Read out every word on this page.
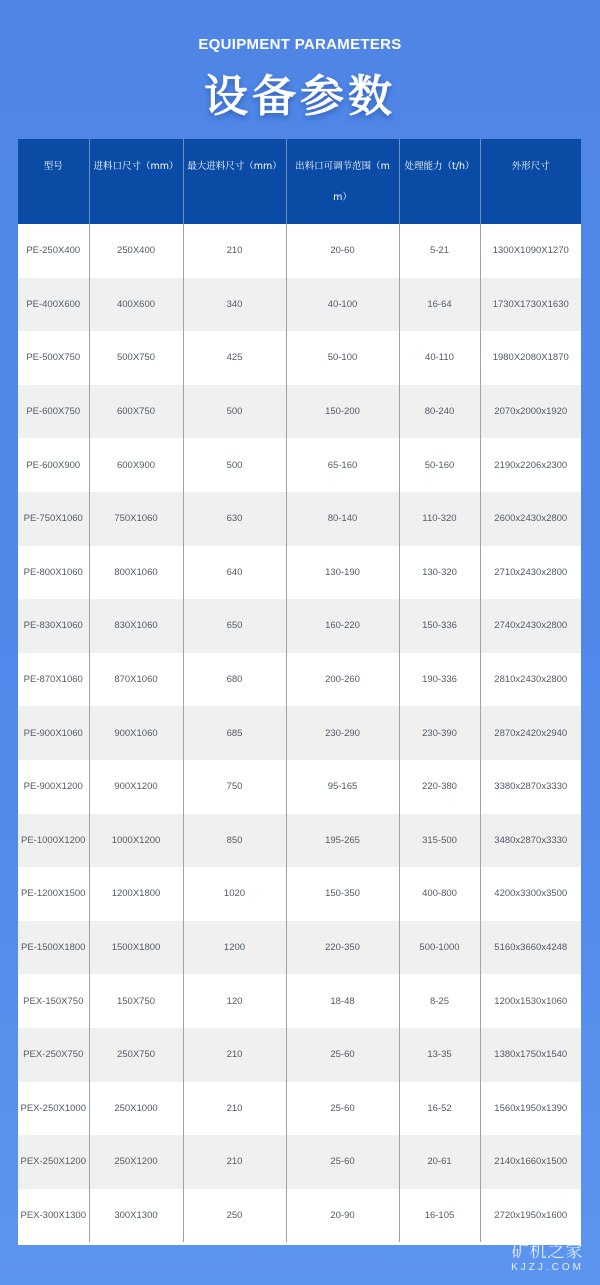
EQUIPMENT PARAMETERS
设备参数
型号	进料口尺寸（mm）	最大进料尺寸（mm）	出料口可调节范围（m m）	处理能力（t/h）	外形尺寸
PE-250X400	250X400	210	20-60	5-21	1300X1090X1270
PE-400X600	400X600	340	40-100	16-64	1730X1730X1630
PE-500X750	500X750	425	50-100	40-110	1980X2080X1870
PE-600X750	600X750	500	150-200	80-240	2070x2000x1920
PE-600X900	600X900	500	65-160	50-160	2190x2206x2300
PE-750X1060	750X1060	630	80-140	110-320	2600x2430x2800
PE-800X1060	800X1060	640	130-190	130-320	2710x2430x2800
PE-830X1060	830X1060	650	160-220	150-336	2740x2430x2800
PE-870X1060	870X1060	680	200-260	190-336	2810x2430x2800
PE-900X1060	900X1060	685	230-290	230-390	2870x2420x2940
PE-900X1200	900X1200	750	95-165	220-380	3380x2870x3330
PE-1000X1200	1000X1200	850	195-265	315-500	3480x2870x3330
PE-1200X1500	1200X1800	1020	150-350	400-800	4200x3300x3500
PE-1500X1800	1500X1800	1200	220-350	500-1000	5160x3660x4248
PEX-150X750	150X750	120	18-48	8-25	1200x1530x1060
PEX-250X750	250X750	210	25-60	13-35	1380x1750x1540
PEX-250X1000	250X1000	210	25-60	16-52	1560x1950x1390
PEX-250X1200	250X1200	210	25-60	20-61	2140x1660x1500
PEX-300X1300	300X1300	250	20-90	16-105	2720x1950x1600
矿机之家
KJZJ.COM
